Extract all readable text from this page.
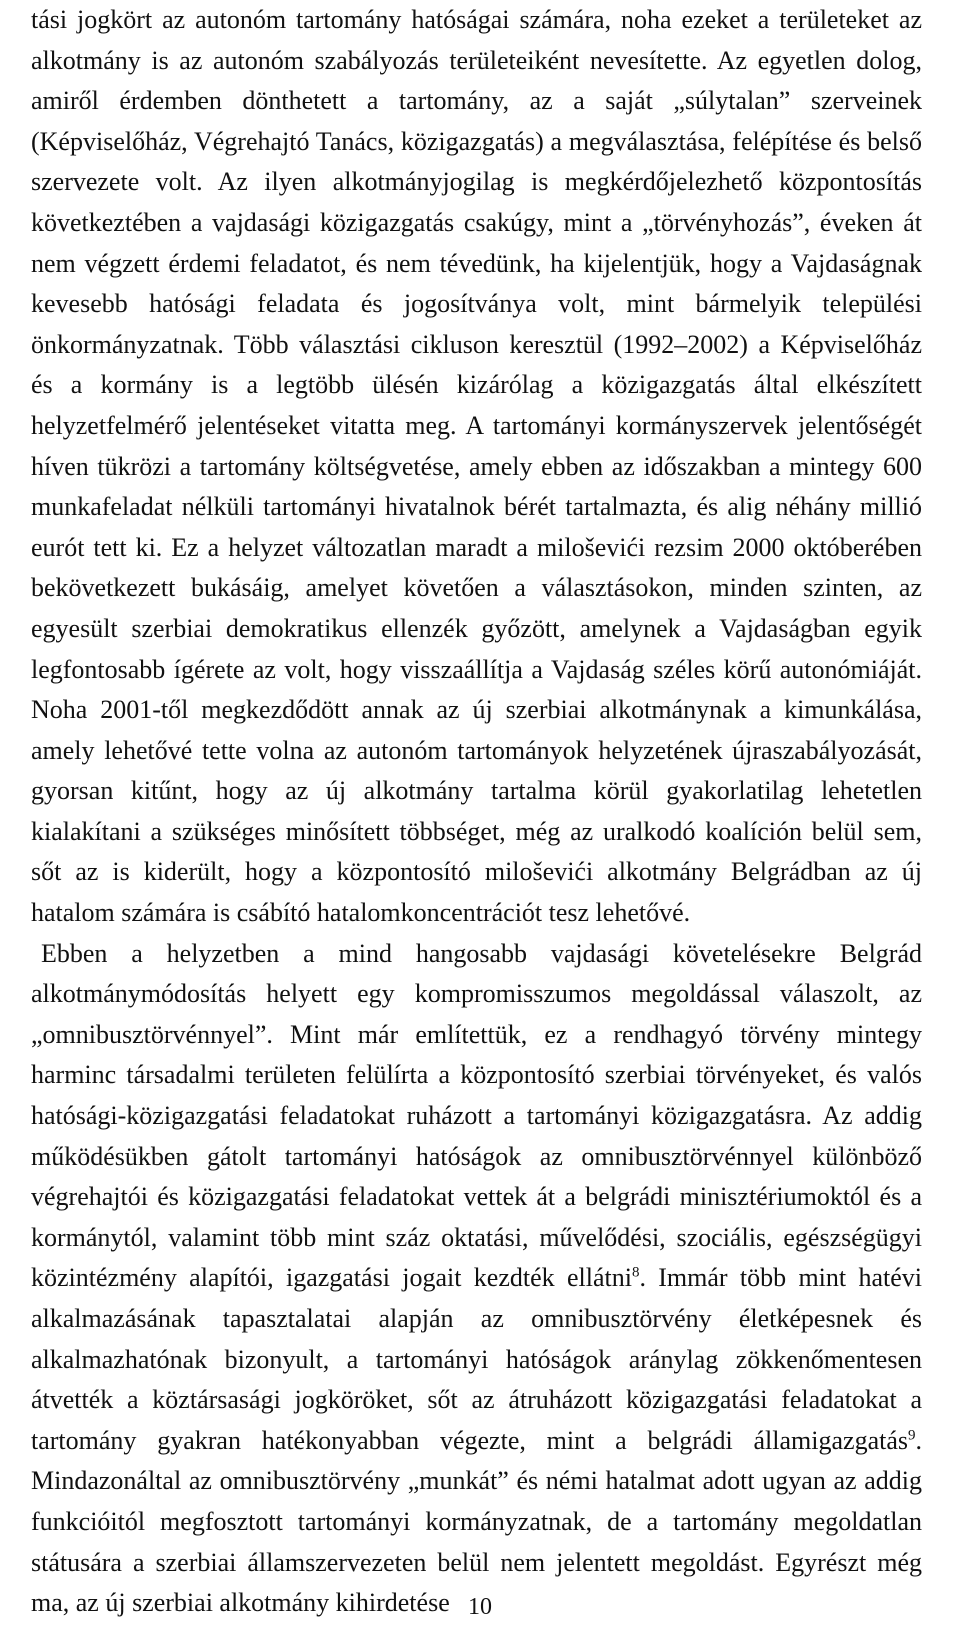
tási jogkört az autonóm tartomány hatóságai számára, noha ezeket a területeket az alkotmány is az autonóm szabályozás területeiként nevesítette. Az egyetlen dolog, amiről érdemben dönthetett a tartomány, az a saját „súlytalan” szerveinek (Képviselőház, Végrehajtó Tanács, közigazgatás) a megválasztása, felépítése és belső szervezete volt. Az ilyen alkotmányjogilag is megkérdőjelezhető központosítás következtében a vajdasági közigazgatás csakúgy, mint a „törvényhozás”, éveken át nem végzett érdemi feladatot, és nem tévedünk, ha kijelentjük, hogy a Vajdaságnak kevesebb hatósági feladata és jogosítványa volt, mint bármelyik települési önkormányzatnak. Több választási cikluson keresztül (1992–2002) a Képviselőház és a kormány is a legtöbb ülésén kizárólag a közigazgatás által elkészített helyzetfelmérő jelentéseket vitatta meg. A tartományi kormányszervek jelentőségét híven tükrözi a tartomány költségvetése, amely ebben az időszakban a mintegy 600 munkafeladat nélküli tartományi hivatalnok bérét tartalmazta, és alig néhány millió eurót tett ki. Ez a helyzet változatlan maradt a miloševići rezsim 2000 októberében bekövetkezett bukásáig, amelyet követően a választásokon, minden szinten, az egyesült szerbiai demokratikus ellenzék győzött, amelynek a Vajdaságban egyik legfontosabb ígérete az volt, hogy visszaállítja a Vajdaság széles körű autonómiáját. Noha 2001-től megkezdődött annak az új szerbiai alkotmánynak a kimunkálása, amely lehetővé tette volna az autonóm tartományok helyzetének újraszabályozását, gyorsan kitűnt, hogy az új alkotmány tartalma körül gyakorlatilag lehetetlen kialakítani a szükséges minősített többséget, még az uralkodó koalíción belül sem, sőt az is kiderült, hogy a központosító miloševići alkotmány Belgrádban az új hatalom számára is csábító hatalomkoncentrációt tesz lehetővé.

Ebben a helyzetben a mind hangosabb vajdasági követelésekre Belgrád alkotmánymódosítás helyett egy kompromisszumos megoldással válaszolt, az „omnibusztörvénnyel”. Mint már említettük, ez a rendhagyó törvény mintegy harminc társadalmi területen felülírta a központosító szerbiai törvényeket, és valós hatósági-közigazgatási feladatokat ruházott a tartományi közigazgatásra. Az addig működésükben gátolt tartományi hatóságok az omnibusztörvénnyel különböző végrehajtói és közigazgatási feladatokat vettek át a belgrádi minisztériumoktól és a kormánytól, valamint több mint száz oktatási, művelődési, szociális, egészségügyi közintézmény alapítói, igazgatási jogait kezdték ellátni$^8$. Immár több mint hatévi alkalmazásának tapasztalatai alapján az omnibusztörvény életképesnek és alkalmazhatónak bizonyult, a tartományi hatóságok aránylag zökkenőmentesen átvették a köztársasági jogköröket, sőt az átruházott közigazgatási feladatokat a tartomány gyakran hatékonyabban végezte, mint a belgrádi államigazgatás$^9$. Mindazonáltal az omnibusztörvény „munkát” és némi hatalmat adott ugyan az addig funkcióitól megfosztott tartományi kormányzatnak, de a tartomány megoldatlan státusára a szerbiai államszervezeten belül nem jelentett megoldást. Egyrészt még ma, az új szerbiai alkotmány kihirdetése 10
